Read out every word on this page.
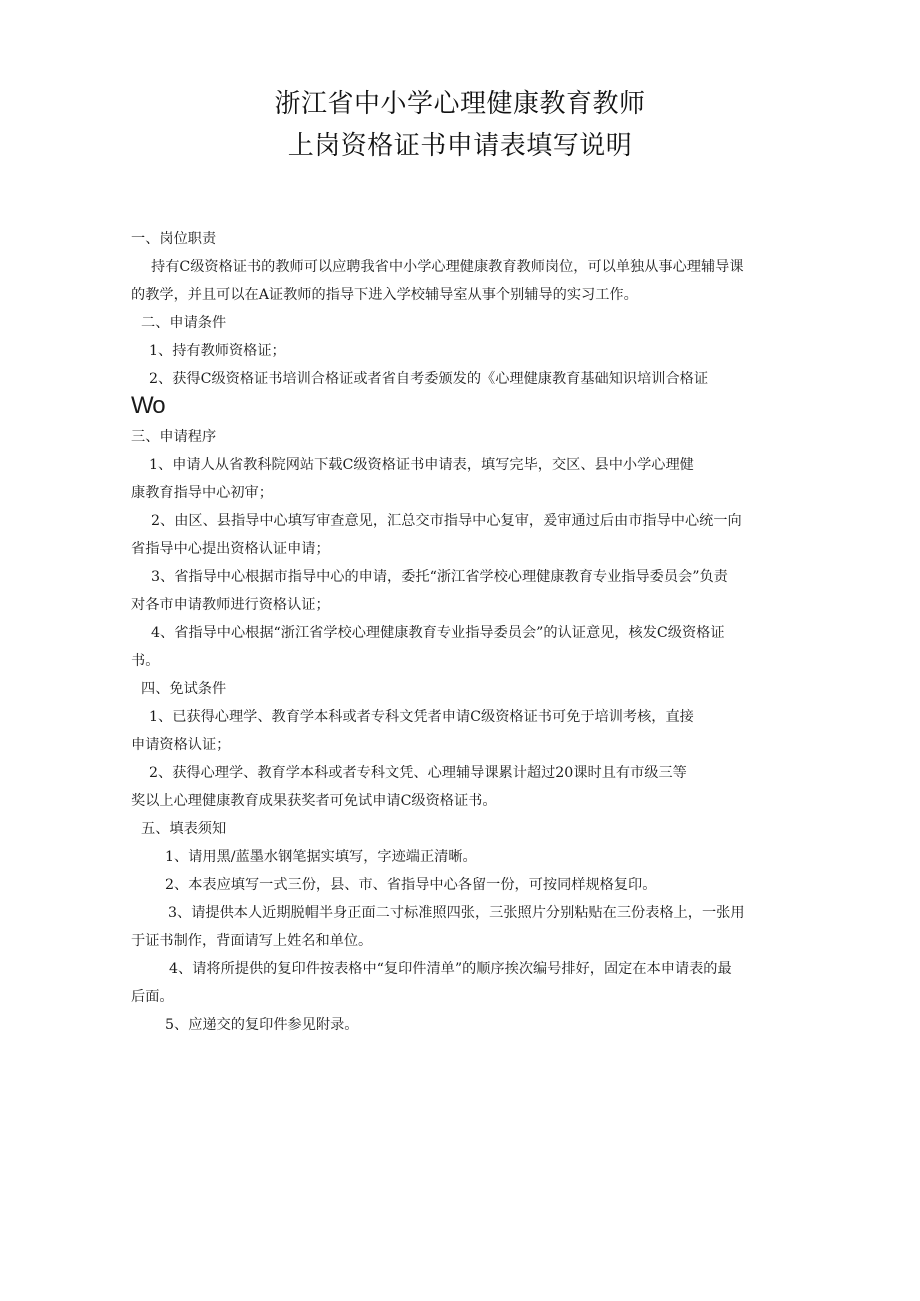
浙江省中小学心理健康教育教师
上岗资格证书申请表填写说明
一、岗位职责
持有C级资格证书的教师可以应聘我省中小学心理健康教育教师岗位，可以单独从事心理辅导课
的教学，并且可以在A证教师的指导下进入学校辅导室从事个别辅导的实习工作。
二、申请条件
1、持有教师资格证；
2、获得C级资格证书培训合格证或者省自考委颁发的《心理健康教育基础知识培训合格证
Wo
三、申请程序
1、申请人从省教科院网站下载C级资格证书申请表，填写完毕，交区、县中小学心理健
康教育指导中心初审；
2、由区、县指导中心填写审查意见，汇总交市指导中心复审，爰审通过后由市指导中心统一向
省指导中心提出资格认证申请；
3、省指导中心根据市指导中心的申请，委托“浙江省学校心理健康教育专业指导委员会”负责
对各市申请教师进行资格认证；
4、省指导中心根据“浙江省学校心理健康教育专业指导委员会”的认证意见，核发C级资格证
书。
四、免试条件
1、已获得心理学、教育学本科或者专科文凭者申请C级资格证书可免于培训考核，直接
申请资格认证；
2、获得心理学、教育学本科或者专科文凭、心理辅导课累计超过20课时且有市级三等
奖以上心理健康教育成果获奖者可免试申请C级资格证书。
五、填表须知
1、请用黑/蓝墨水钢笔据实填写，字迹端正清晰。
2、本表应填写一式三份，县、市、省指导中心各留一份，可按同样规格复印。
3、请提供本人近期脱帽半身正面二寸标准照四张，三张照片分别粘贴在三份表格上，一张用
于证书制作，背面请写上姓名和单位。
4、请将所提供的复印件按表格中“复印件清单”的顺序挨次编号排好，固定在本申请表的最
后面。
5、应递交的复印件参见附录。
